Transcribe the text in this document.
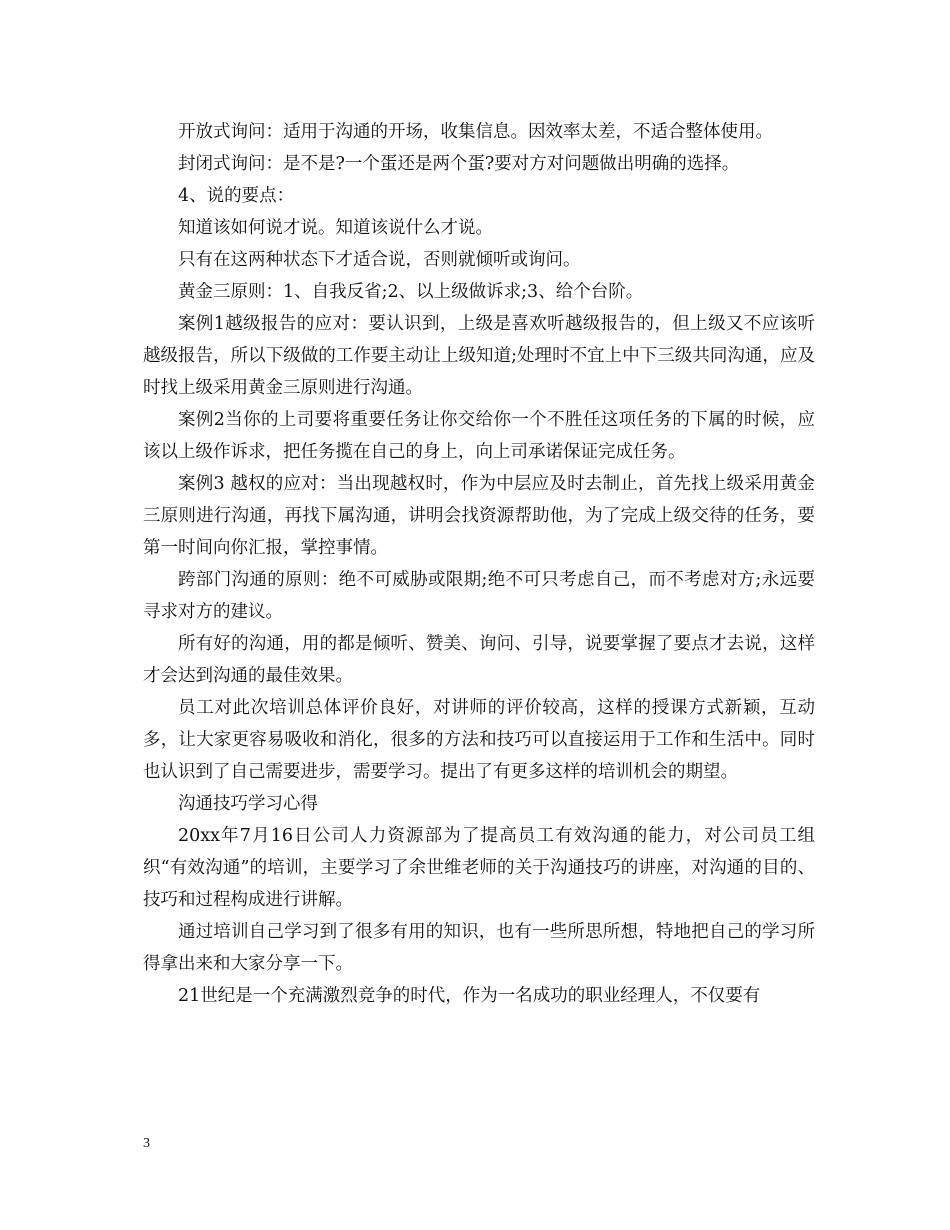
开放式询问：适用于沟通的开场，收集信息。因效率太差，不适合整体使用。

封闭式询问：是不是?一个蛋还是两个蛋?要对方对问题做出明确的选择。

4、说的要点：

知道该如何说才说。知道该说什么才说。

只有在这两种状态下才适合说，否则就倾听或询问。

黄金三原则：1、自我反省;2、以上级做诉求;3、给个台阶。

案例1越级报告的应对：要认识到，上级是喜欢听越级报告的，但上级又不应该听越级报告，所以下级做的工作要主动让上级知道;处理时不宜上中下三级共同沟通，应及时找上级采用黄金三原则进行沟通。

案例2当你的上司要将重要任务让你交给你一个不胜任这项任务的下属的时候，应该以上级作诉求，把任务揽在自己的身上，向上司承诺保证完成任务。

案例3 越权的应对：当出现越权时，作为中层应及时去制止，首先找上级采用黄金三原则进行沟通，再找下属沟通，讲明会找资源帮助他，为了完成上级交待的任务，要第一时间向你汇报，掌控事情。

跨部门沟通的原则：绝不可威胁或限期;绝不可只考虑自己，而不考虑对方;永远要寻求对方的建议。

所有好的沟通，用的都是倾听、赞美、询问、引导，说要掌握了要点才去说，这样才会达到沟通的最佳效果。

员工对此次培训总体评价良好，对讲师的评价较高，这样的授课方式新颖，互动多，让大家更容易吸收和消化，很多的方法和技巧可以直接运用于工作和生活中。同时也认识到了自己需要进步，需要学习。提出了有更多这样的培训机会的期望。

沟通技巧学习心得

20xx年7月16日公司人力资源部为了提高员工有效沟通的能力，对公司员工组织“有效沟通”的培训，主要学习了余世维老师的关于沟通技巧的讲座，对沟通的目的、技巧和过程构成进行讲解。

通过培训自己学习到了很多有用的知识，也有一些所思所想，特地把自己的学习所得拿出来和大家分享一下。

21世纪是一个充满激烈竞争的时代，作为一名成功的职业经理人，不仅要有

3
